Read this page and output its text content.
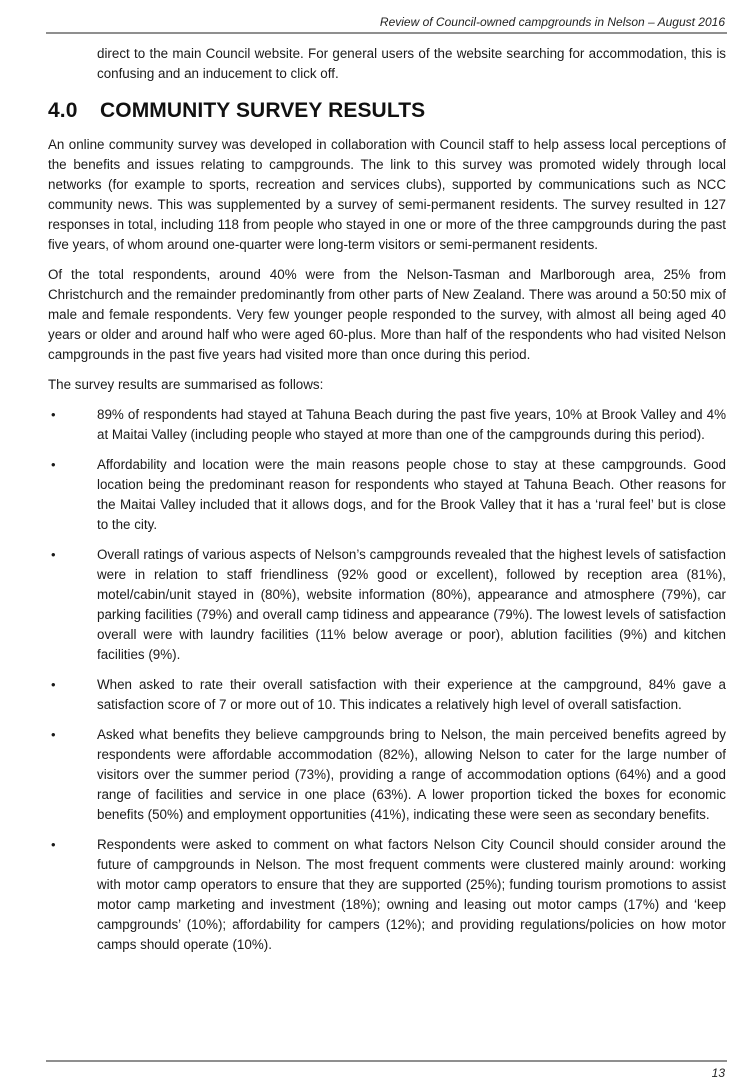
Review of Council-owned campgrounds in Nelson – August 2016

direct to the main Council website. For general users of the website searching for accommodation, this is confusing and an inducement to click off.

4.0 COMMUNITY SURVEY RESULTS

An online community survey was developed in collaboration with Council staff to help assess local perceptions of the benefits and issues relating to campgrounds. The link to this survey was promoted widely through local networks (for example to sports, recreation and services clubs), supported by communications such as NCC community news. This was supplemented by a survey of semi-permanent residents. The survey resulted in 127 responses in total, including 118 from people who stayed in one or more of the three campgrounds during the past five years, of whom around one-quarter were long-term visitors or semi-permanent residents.

Of the total respondents, around 40% were from the Nelson-Tasman and Marlborough area, 25% from Christchurch and the remainder predominantly from other parts of New Zealand. There was around a 50:50 mix of male and female respondents. Very few younger people responded to the survey, with almost all being aged 40 years or older and around half who were aged 60-plus. More than half of the respondents who had visited Nelson campgrounds in the past five years had visited more than once during this period.

The survey results are summarised as follows:

•	89% of respondents had stayed at Tahuna Beach during the past five years, 10% at Brook Valley and 4% at Maitai Valley (including people who stayed at more than one of the campgrounds during this period).
•	Affordability and location were the main reasons people chose to stay at these campgrounds. Good location being the predominant reason for respondents who stayed at Tahuna Beach. Other reasons for the Maitai Valley included that it allows dogs, and for the Brook Valley that it has a ‘rural feel’ but is close to the city.
•	Overall ratings of various aspects of Nelson’s campgrounds revealed that the highest levels of satisfaction were in relation to staff friendliness (92% good or excellent), followed by reception area (81%), motel/cabin/unit stayed in (80%), website information (80%), appearance and atmosphere (79%), car parking facilities (79%) and overall camp tidiness and appearance (79%). The lowest levels of satisfaction overall were with laundry facilities (11% below average or poor), ablution facilities (9%) and kitchen facilities (9%).
•	When asked to rate their overall satisfaction with their experience at the campground, 84% gave a satisfaction score of 7 or more out of 10. This indicates a relatively high level of overall satisfaction.
•	Asked what benefits they believe campgrounds bring to Nelson, the main perceived benefits agreed by respondents were affordable accommodation (82%), allowing Nelson to cater for the large number of visitors over the summer period (73%), providing a range of accommodation options (64%) and a good range of facilities and service in one place (63%). A lower proportion ticked the boxes for economic benefits (50%) and employment opportunities (41%), indicating these were seen as secondary benefits.
•	Respondents were asked to comment on what factors Nelson City Council should consider around the future of campgrounds in Nelson. The most frequent comments were clustered mainly around: working with motor camp operators to ensure that they are supported (25%); funding tourism promotions to assist motor camp marketing and investment (18%); owning and leasing out motor camps (17%) and ‘keep campgrounds’ (10%); affordability for campers (12%); and providing regulations/policies on how motor camps should operate (10%).
13
